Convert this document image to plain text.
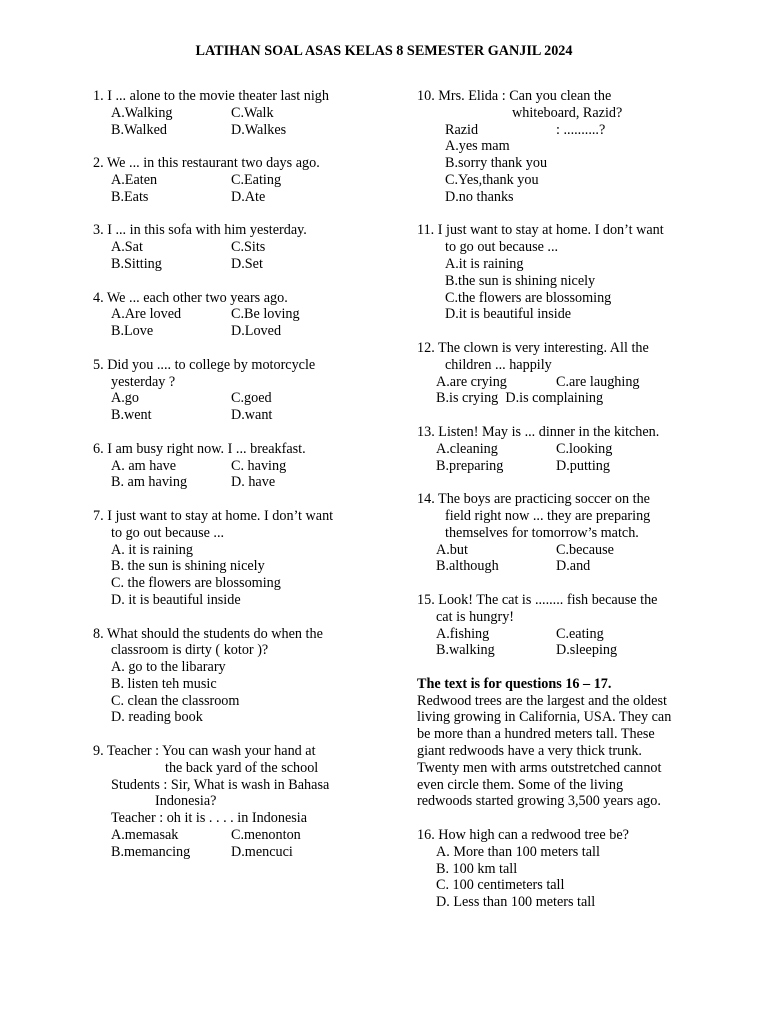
LATIHAN SOAL ASAS KELAS 8 SEMESTER GANJIL 2024
1. I ... alone to the movie theater last nigh
A.Walking	C.Walk
B.Walked	D.Walkes
2. We ... in this restaurant two days ago.
A.Eaten	C.Eating
B.Eats	D.Ate
3. I ... in this sofa with him yesterday.
A.Sat	C.Sits
B.Sitting	D.Set
4. We ... each other two years ago.
A.Are loved	C.Be loving
B.Love	D.Loved
5. Did you .... to college by motorcycle
yesterday ?
A.go	C.goed
B.went	D.want
6. I am busy right now. I ... breakfast.
A. am have	C. having
B. am having	D. have
7. I just want to stay at home. I don’t want
to go out because ...
A. it is raining
B. the sun is shining nicely
C. the flowers are blossoming
D. it is beautiful inside
8. What should the students do when the
classroom is dirty ( kotor )?
A. go to the libarary
B. listen teh music
C. clean the classroom
D. reading book
9. Teacher : You can wash your hand at
the back yard of the school
Students : Sir, What is wash in Bahasa
Indonesia?
Teacher : oh it is . . . . in Indonesia
A.memasak	C.menonton
B.memancing	D.mencuci
10. Mrs. Elida : Can you clean the
whiteboard, Razid?
Razid	: ..........?
A.yes mam
B.sorry thank you
C.Yes,thank you
D.no thanks
11. I just want to stay at home. I don’t want
to go out because ...
A.it is raining
B.the sun is shining nicely
C.the flowers are blossoming
D.it is beautiful inside
12. The clown is very interesting. All the
children ... happily
A.are crying	C.are laughing
B.is crying  D.is complaining
13. Listen! May is ... dinner in the kitchen.
A.cleaning	C.looking
B.preparing	D.putting
14. The boys are practicing soccer on the
field right now ... they are preparing
themselves for tomorrow’s match.
A.but	C.because
B.although	D.and
15. Look! The cat is ........ fish because the
cat is hungry!
A.fishing	C.eating
B.walking	D.sleeping
The text is for questions 16 – 17.
Redwood trees are the largest and the oldest
living growing in California, USA. They can
be more than a hundred meters tall. These
giant redwoods have a very thick trunk.
Twenty men with arms outstretched cannot
even circle them. Some of the living
redwoods started growing 3,500 years ago.
16. How high can a redwood tree be?
A. More than 100 meters tall
B. 100 km tall
C. 100 centimeters tall
D. Less than 100 meters tall
